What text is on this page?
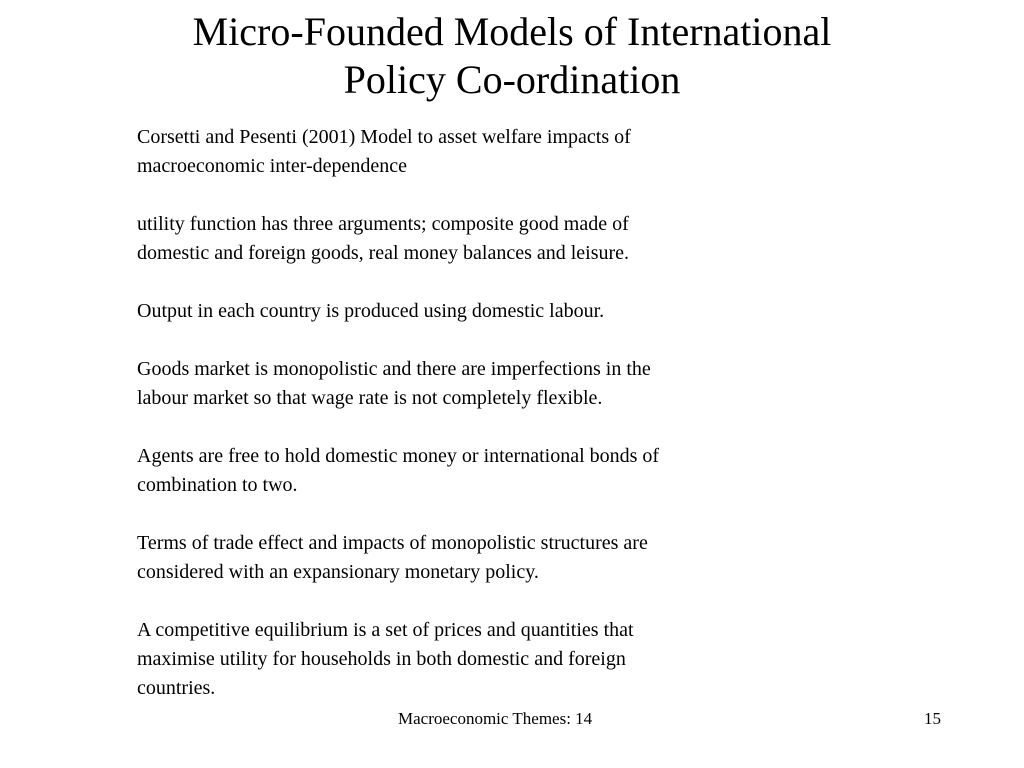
Micro-Founded Models of International
Policy Co-ordination

Corsetti and Pesenti (2001) Model to asset welfare impacts of
macroeconomic inter-dependence

utility function has three arguments; composite good made of
domestic and foreign goods, real money balances and leisure.

Output in each country is produced using domestic labour.

Goods market is monopolistic and there are imperfections in the
labour market so that wage rate is not completely flexible.

Agents are free to hold domestic money or international bonds of
combination to two.

Terms of trade effect and impacts of monopolistic structures are
considered with an expansionary monetary policy.

A competitive equilibrium is a set of prices and quantities that
maximise utility for households in both domestic and foreign
countries.

Macroeconomic Themes: 14	15
